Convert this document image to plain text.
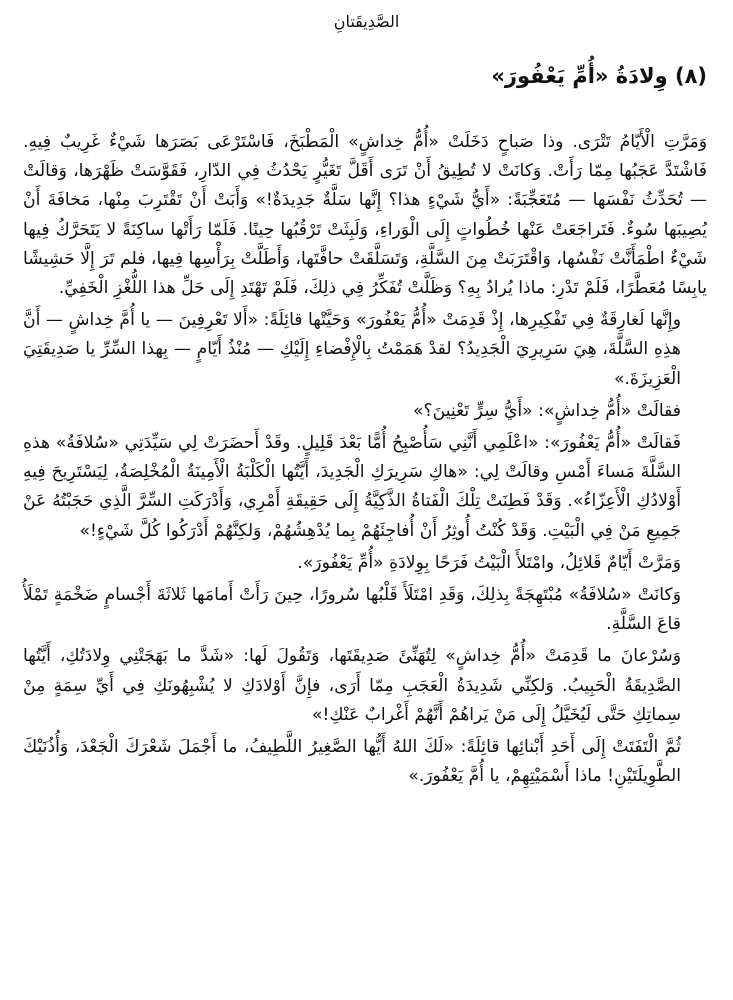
الصَّدِيقَتانِ
(٨) وِلادَةُ «أُمِّ يَعْفُورَ»

وَمَرَّتِ الْأَيّامُ تَتْرَى. وذا صَباحٍ دَخَلَتْ «أُمُّ خِداشٍ» الْمَطْبَخَ، فَاسْتَرْعَى بَصَرَها شَيْءٌ غَرِيبٌ فِيهِ. فَاشْتَدَّ عَجَبُها مِمّا رَأَتْ. وَكانَتْ لا تُطِيقُ أَنْ تَرَى أَقَلَّ تَغَيُّرٍ يَحْدُثُ فِي الدّارِ، فَقَوَّسَتْ ظَهْرَها، وَقالَتْ — تُحَدِّثُ نَفْسَها — مُتَعَجِّبَةً: «أَيُّ شَيْءٍ هذا؟ إِنَّها سَلَّةٌ جَدِيدَةٌ!» وَأَبَتْ أَنْ تَقْتَرِبَ مِنْها، مَخافَةَ أَنْ يُصِيبَها سُوءٌ. فَتَراجَعَتْ عَنْها خُطُواتٍ إِلَى الْوَراءِ، وَلَبِثَتْ تَرْقُبُها حِينًا. فَلَمّا رَأَتْها ساكِنَةً لا يَتَحَرَّكُ فِيها شَيْءٌ اطْمَأَنَّتْ نَفْسُها، وَاقْتَرَبَتْ مِنَ السَّلَّةِ، وَتَسَلَّقَتْ حافَّتَها، وَأَطَلَّتْ بِرَأْسِها فِيها، فلم تَرَ إِلَّا حَشِيشًا يابِسًا مُعَطَّرًا، فَلَمْ تَدْرِ: ماذا يُرادُ بِهِ؟ وَظَلَّتْ تُفَكِّرُ فِي ذلِكَ، فَلَمْ تَهْتَدِ إِلَى حَلِّ هذا اللُّغْزِ الْخَفِيِّ.

وإِنَّها لَغارِقَةٌ فِي تَفْكِيرِها، إِذْ قَدِمَتْ «أُمُّ يَعْفُورَ» وَحَيَّتْها قائِلَةً: «أَلا تَعْرِفِينَ — يا أُمَّ خِداشٍ — أَنَّ هذِهِ السَّلَّةَ، هِيَ سَرِيرِيَ الْجَدِيدُ؟ لقدْ هَمَمْتُ بِالْإِفْضاءِ إِلَيْكِ — مُنْذُ أَيّامٍ — بِهذا السِّرِّ يا صَدِيقَتِيَ الْعَزِيزَةَ.»

فقالَتْ «أُمُّ خِداشٍ»: «أَيُّ سِرٍّ تَعْنِينَ؟»

فَقالَتْ «أُمُّ يَعْفُورَ»: «اعْلَمِي أَنَّنِي سَأُصْبِحُ أُمًّا بَعْدَ قَلِيلٍ. وقَدْ أَحضَرَتْ لِي سَيِّدَتِي «سُلافَةُ» هذهِ السَّلَّةَ مَساءَ أَمْسِ وقالَتْ لِي: «هاكِ سَرِيرَكِ الْجَدِيدَ، أَيَّتُها الْكَلْبَةُ الْأَمِينَةُ الْمُخْلِصَةُ، لِيَسْتَرِيحَ فِيهِ أَوْلادُكِ الْأَعِزّاءُ». وَقَدْ فَطِنَتْ تِلْكَ الْفَتاةُ الذَّكِيَّةُ إِلَى حَقِيقَةِ أَمْرِي، وَأَدْرَكَتِ السِّرَّ الَّذِي حَجَبْتُهُ عَنْ جَمِيعِ مَنْ فِي الْبَيْتِ. وَقَدْ كُنْتُ أُوثِرُ أَنْ أُفاجِئَهُمْ بِما يُدْهِشُهُمْ، وَلكِنَّهُمْ أَدْرَكُوا كُلَّ شَيْءٍ!»

وَمَرَّتْ أَيّامٌ قَلائِلُ، وامْتَلأَ الْبَيْتُ فَرَحًا بِوِلادَةِ «أُمِّ يَعْفُورَ».

وَكانَتْ «سُلافَةُ» مُبْتَهِجَةً بِذلِكَ، وَقَدِ امْتَلَأَ قَلْبُها سُرورًا، حِينَ رَأَتْ أَمامَها ثَلاثَةَ أَجْسامٍ ضَخْمَةٍ تَمْلَأُ قاعَ السَّلَّةِ.

وَسُرْعانَ ما قَدِمَتْ «أُمُّ خِداشٍ» لِتُهَنِّئَ صَدِيقَتَها، وَتَقُولَ لَها: «شَدَّ ما بَهَجَتْنِي وِلادَتُكِ، أَيَّتُها الصَّدِيقَةُ الْحَبِيبُ. وَلكِنِّي شَدِيدَةُ الْعَجَبِ مِمّا أَرَى، فإِنَّ أَوْلادَكِ لا يُشْبِهُونَكِ فِي أَيِّ سِمَةٍ مِنْ سِماتِكِ حَتَّى لَيُخَيَّلُ إِلَى مَنْ يَراهُمْ أَنَّهُمْ أَغْرابٌ عَنْكِ!»

ثُمَّ الْتَفَتَتْ إِلَى أَحَدِ أَبْنائِها قائِلَةً: «لَكَ اللهُ أَيُّها الصَّغِيرُ اللَّطِيفُ، ما أَجْمَلَ شَعْرَكَ الْجَعْدَ، وَأُذُنَيْكَ الطَّوِيلَتَيْنِ! ماذا أَسْمَيْتِهِمْ، يا أُمَّ يَعْفُورَ.»
